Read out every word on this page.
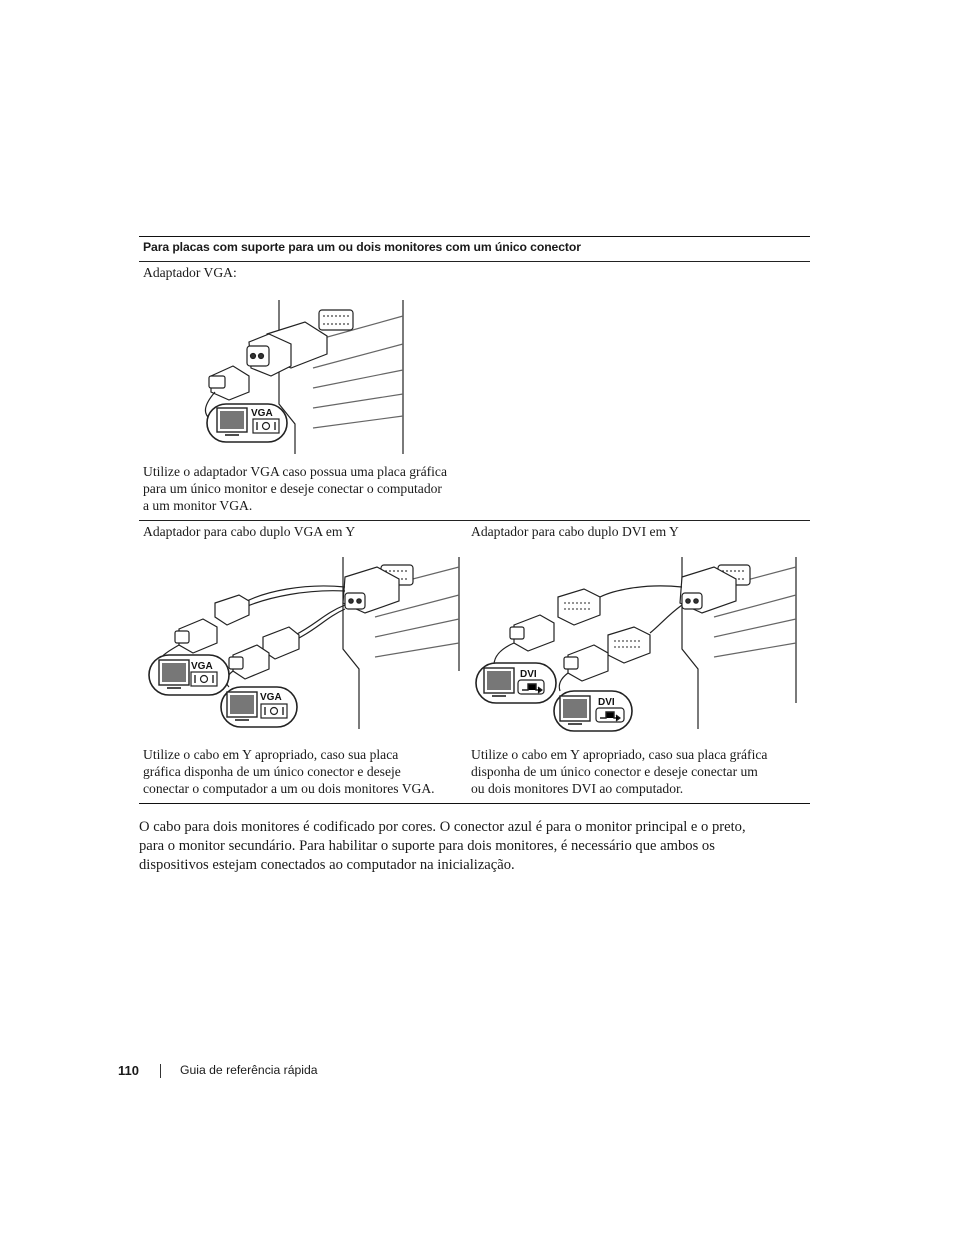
Para placas com suporte para um ou dois monitores com um único conector
Adaptador VGA:
VGA
Utilize o adaptador VGA caso possua uma placa gráfica
para um único monitor e deseje conectar o computador
a um monitor VGA.
Adaptador para cabo duplo VGA em Y
VGA
VGA
Utilize o cabo em Y apropriado, caso sua placa
gráfica disponha de um único conector e deseje
conectar o computador a um ou dois monitores VGA.
Adaptador para cabo duplo DVI em Y
DVI
DVI
Utilize o cabo em Y apropriado, caso sua placa gráfica
disponha de um único conector e deseje conectar um
ou dois monitores DVI ao computador.
O cabo para dois monitores é codificado por cores. O conector azul é para o monitor principal e o preto,
para o monitor secundário. Para habilitar o suporte para dois monitores, é necessário que ambos os
dispositivos estejam conectados ao computador na inicialização.
110	Guia de referência rápida
